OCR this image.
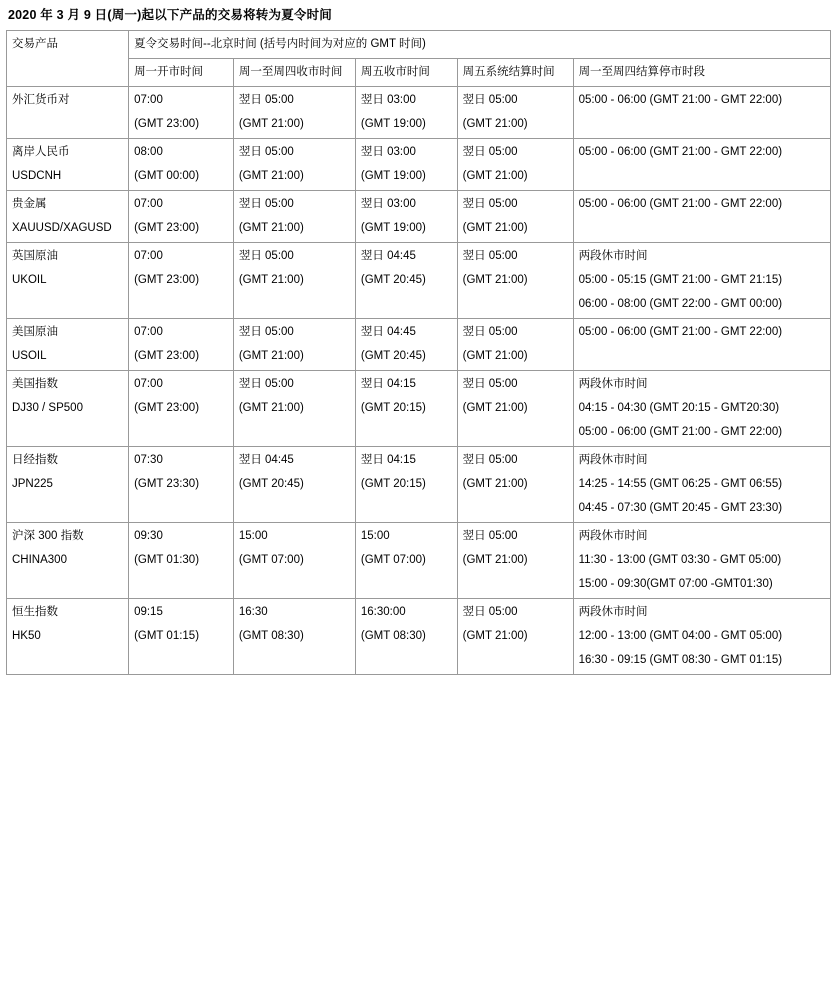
2020 年 3 月 9 日(周一)起以下产品的交易将转为夏令时间
交易产品	夏令交易时间--北京时间 (括号内时间为对应的 GMT 时间)				
	周一开市时间	周一至周四收市时间	周五收市时间	周五系统结算时间	周一至周四结算停市时段

外汇货币对	07:00
(GMT 23:00)	翌日 05:00
(GMT 21:00)	翌日 03:00
(GMT 19:00)	翌日 05:00
(GMT 21:00)	05:00 - 06:00 (GMT 21:00 - GMT 22:00)

离岸人民币
USDCNH	08:00
(GMT 00:00)	翌日 05:00
(GMT 21:00)	翌日 03:00
(GMT 19:00)	翌日 05:00
(GMT 21:00)	05:00 - 06:00 (GMT 21:00 - GMT 22:00)

贵金属
XAUUSD/XAGUSD	07:00
(GMT 23:00)	翌日 05:00
(GMT 21:00)	翌日 03:00
(GMT 19:00)	翌日 05:00
(GMT 21:00)	05:00 - 06:00 (GMT 21:00 - GMT 22:00)

英国原油
UKOIL	07:00
(GMT 23:00)	翌日 05:00
(GMT 21:00)	翌日 04:45
(GMT 20:45)	翌日 05:00
(GMT 21:00)	两段休市时间
05:00 - 05:15 (GMT 21:00 - GMT 21:15)
06:00 - 08:00 (GMT 22:00 - GMT 00:00)

美国原油
USOIL	07:00
(GMT 23:00)	翌日 05:00
(GMT 21:00)	翌日 04:45
(GMT 20:45)	翌日 05:00
(GMT 21:00)	05:00 - 06:00 (GMT 21:00 - GMT 22:00)

美国指数
DJ30 / SP500	07:00
(GMT 23:00)	翌日 05:00
(GMT 21:00)	翌日 04:15
(GMT 20:15)	翌日 05:00
(GMT 21:00)	两段休市时间
04:15 - 04:30 (GMT 20:15 - GMT20:30)
05:00 - 06:00 (GMT 21:00 - GMT 22:00)

日经指数
JPN225	07:30
(GMT 23:30)	翌日 04:45
(GMT 20:45)	翌日 04:15
(GMT 20:15)	翌日 05:00
(GMT 21:00)	两段休市时间
14:25 - 14:55 (GMT 06:25 - GMT 06:55)
04:45 - 07:30 (GMT 20:45 - GMT 23:30)

沪深 300 指数
CHINA300	09:30
(GMT 01:30)	15:00
(GMT 07:00)	15:00
(GMT 07:00)	翌日 05:00
(GMT 21:00)	两段休市时间
11:30 - 13:00 (GMT 03:30 - GMT 05:00)
15:00 - 09:30(GMT 07:00 -GMT01:30)

恒生指数
HK50	09:15
(GMT 01:15)	16:30
(GMT 08:30)	16:30:00
(GMT 08:30)	翌日 05:00
(GMT 21:00)	两段休市时间
12:00 - 13:00 (GMT 04:00 - GMT 05:00)
16:30 - 09:15 (GMT 08:30 - GMT 01:15)
